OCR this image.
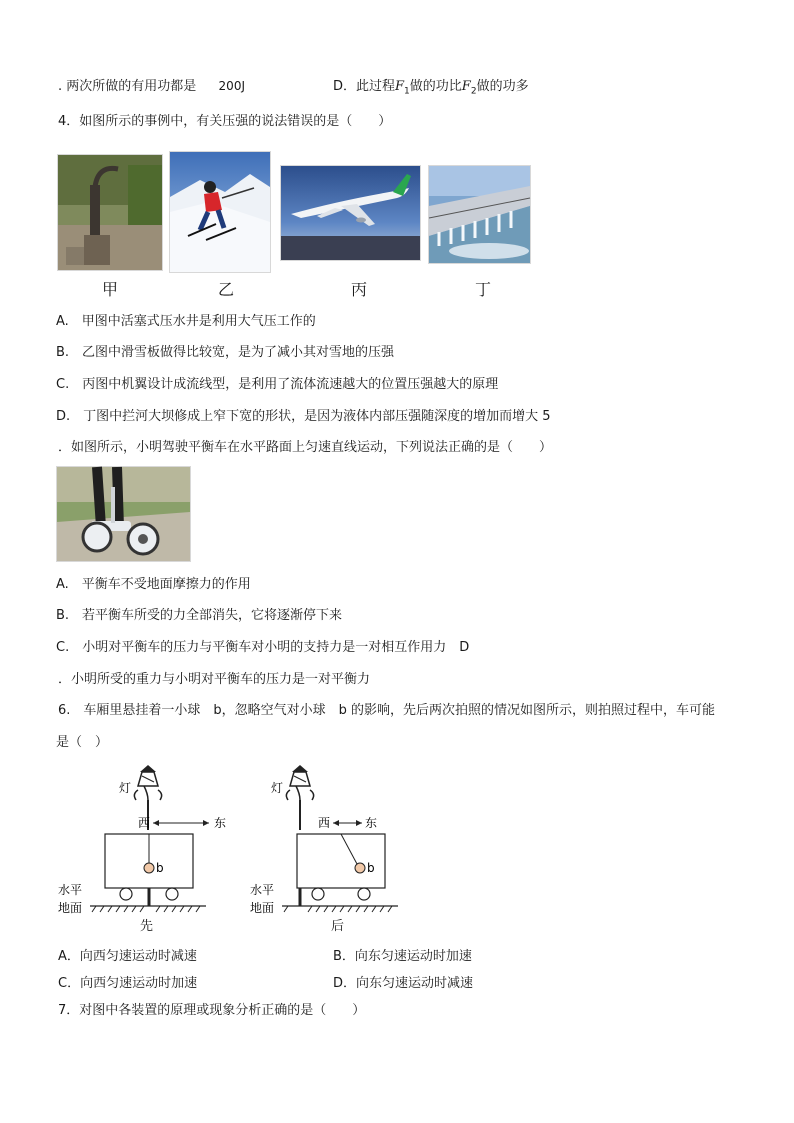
. 两次所做的有用功都是 200J	D．此过程$F_1$做的功比$F_2$做的功多
4．如图所示的事例中，有关压强的说法错误的是（　　）
甲	乙	丙	丁
A.　甲图中活塞式压水井是利用大气压工作的
B.　乙图中滑雪板做得比较宽，是为了减小其对雪地的压强
C.　丙图中机翼设计成流线型，是利用了流体流速越大的位置压强越大的原理
D.　丁图中拦河大坝修成上窄下宽的形状，是因为液体内部压强随深度的增加而增大 5
．如图所示，小明驾驶平衡车在水平路面上匀速直线运动，下列说法正确的是（　　）
A.　平衡车不受地面摩擦力的作用
B.　若平衡车所受的力全部消失，它将逐渐停下来
C.　小明对平衡车的压力与平衡车对小明的支持力是一对相互作用力　D
．小明所受的重力与小明对平衡车的压力是一对平衡力
6.　车厢里悬挂着一小球　b，忽略空气对小球　b 的影响，先后两次拍照的情况如图所示，则拍照过程中，车可能
是（　）
灯
西	东
b
水平
地面
先
灯
西	东
b
水平
地面
后
A．向西匀速运动时减速	B．向东匀速运动时加速
C．向西匀速运动时加速	D．向东匀速运动时减速
7．对图中各装置的原理或现象分析正确的是（　　）
